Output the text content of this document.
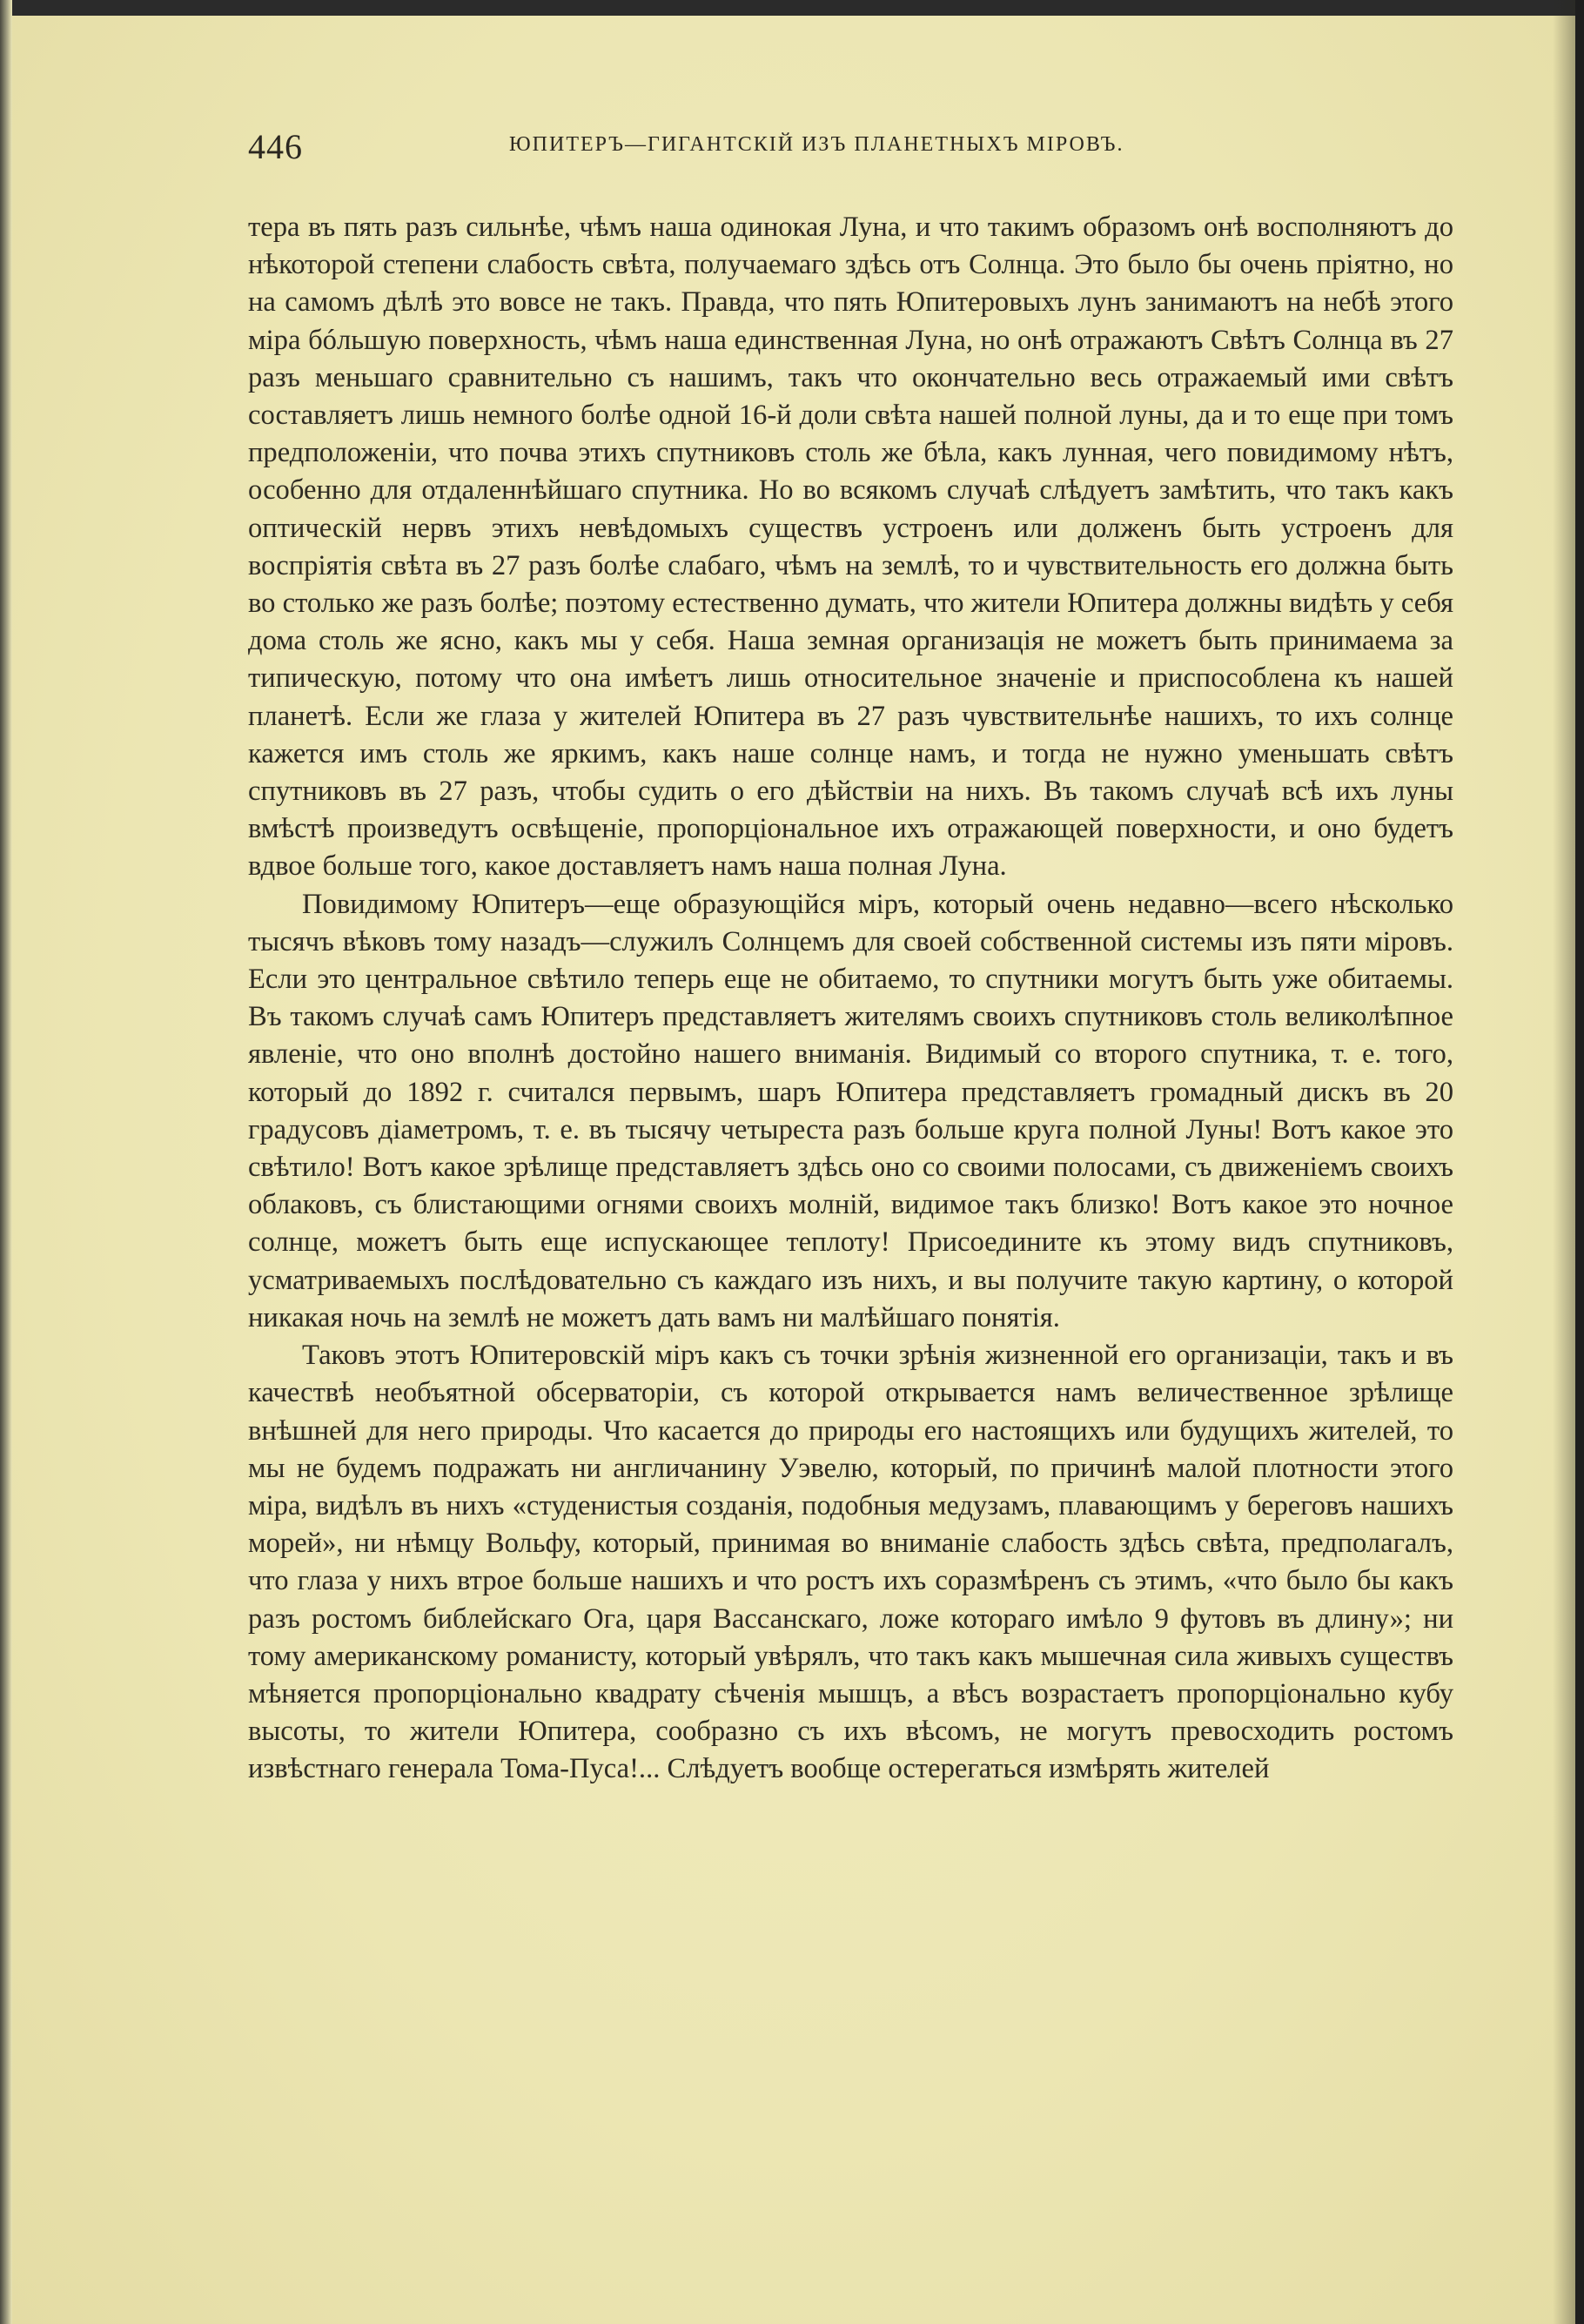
446	ЮПИТЕРЪ—ГИГАНТСКІЙ ИЗЪ ПЛАНЕТНЫХЪ МІРОВЪ.

тера въ пять разъ сильнѣе, чѣмъ наша одинокая Луна, и что такимъ образомъ онѣ восполняютъ до нѣкоторой степени слабость свѣта, получаемаго здѣсь отъ Солнца. Это было бы очень пріятно, но на самомъ дѣлѣ это вовсе не такъ. Правда, что пять Юпитеровыхъ лунъ занимаютъ на небѣ этого міра бóльшую поверхность, чѣмъ наша единственная Луна, но онѣ отражаютъ Свѣтъ Солнца въ 27 разъ меньшаго сравнительно съ нашимъ, такъ что окончательно весь отражаемый ими свѣтъ составляетъ лишь немного болѣе одной 16-й доли свѣта нашей полной луны, да и то еще при томъ предположеніи, что почва этихъ спутниковъ столь же бѣла, какъ лунная, чего повидимому нѣтъ, особенно для отдаленнѣйшаго спутника. Но во всякомъ случаѣ слѣдуетъ замѣтить, что такъ какъ оптическій нервъ этихъ невѣдомыхъ существъ устроенъ или долженъ быть устроенъ для воспріятія свѣта въ 27 разъ болѣе слабаго, чѣмъ на землѣ, то и чувствительность его должна быть во столько же разъ болѣе; поэтому естественно думать, что жители Юпитера должны видѣть у себя дома столь же ясно, какъ мы у себя. Наша земная организація не можетъ быть принимаема за типическую, потому что она имѣетъ лишь относительное значеніе и приспособлена къ нашей планетѣ. Если же глаза у жителей Юпитера въ 27 разъ чувствительнѣе нашихъ, то ихъ солнце кажется имъ столь же яркимъ, какъ наше солнце намъ, и тогда не нужно уменьшать свѣтъ спутниковъ въ 27 разъ, чтобы судить о его дѣйствіи на нихъ. Въ такомъ случаѣ всѣ ихъ луны вмѣстѣ произведутъ освѣщеніе, пропорціональное ихъ отражающей поверхности, и оно будетъ вдвое больше того, какое доставляетъ намъ наша полная Луна.

Повидимому Юпитеръ—еще образующійся міръ, который очень недавно—всего нѣсколько тысячъ вѣковъ тому назадъ—служилъ Солнцемъ для своей собственной системы изъ пяти міровъ. Если это центральное свѣтило теперь еще не обитаемо, то спутники могутъ быть уже обитаемы. Въ такомъ случаѣ самъ Юпитеръ представляетъ жителямъ своихъ спутниковъ столь великолѣпное явленіе, что оно вполнѣ достойно нашего вниманія. Видимый со второго спутника, т. е. того, который до 1892 г. считался первымъ, шаръ Юпитера представляетъ громадный дискъ въ 20 градусовъ діаметромъ, т. е. въ тысячу четыреста разъ больше круга полной Луны! Вотъ какое это свѣтило! Вотъ какое зрѣлище представляетъ здѣсь оно со своими полосами, съ движеніемъ своихъ облаковъ, съ блистающими огнями своихъ молній, видимое такъ близко! Вотъ какое это ночное солнце, можетъ быть еще испускающее теплоту! Присоедините къ этому видъ спутниковъ, усматриваемыхъ послѣдовательно съ каждаго изъ нихъ, и вы получите такую картину, о которой никакая ночь на землѣ не можетъ дать вамъ ни малѣйшаго понятія.

Таковъ этотъ Юпитеровскій міръ какъ съ точки зрѣнія жизненной его организаціи, такъ и въ качествѣ необъятной обсерваторіи, съ которой открывается намъ величественное зрѣлище внѣшней для него природы. Что касается до природы его настоящихъ или будущихъ жителей, то мы не будемъ подражать ни англичанину Уэвелю, который, по причинѣ малой плотности этого міра, видѣлъ въ нихъ «студенистыя созданія, подобныя медузамъ, плавающимъ у береговъ нашихъ морей», ни нѣмцу Вольфу, который, принимая во вниманіе слабость здѣсь свѣта, предполагалъ, что глаза у нихъ втрое больше нашихъ и что ростъ ихъ соразмѣренъ съ этимъ, «что было бы какъ разъ ростомъ библейскаго Ога, царя Вассанскаго, ложе котораго имѣло 9 футовъ въ длину»; ни тому американскому романисту, который увѣрялъ, что такъ какъ мышечная сила живыхъ существъ мѣняется пропорціонально квадрату сѣченія мышцъ, а вѣсъ возрастаетъ пропорціонально кубу высоты, то жители Юпитера, сообразно съ ихъ вѣсомъ, не могутъ превосходить ростомъ извѣстнаго генерала Тома-Пуса!... Слѣдуетъ вообще остерегаться измѣрять жителей
